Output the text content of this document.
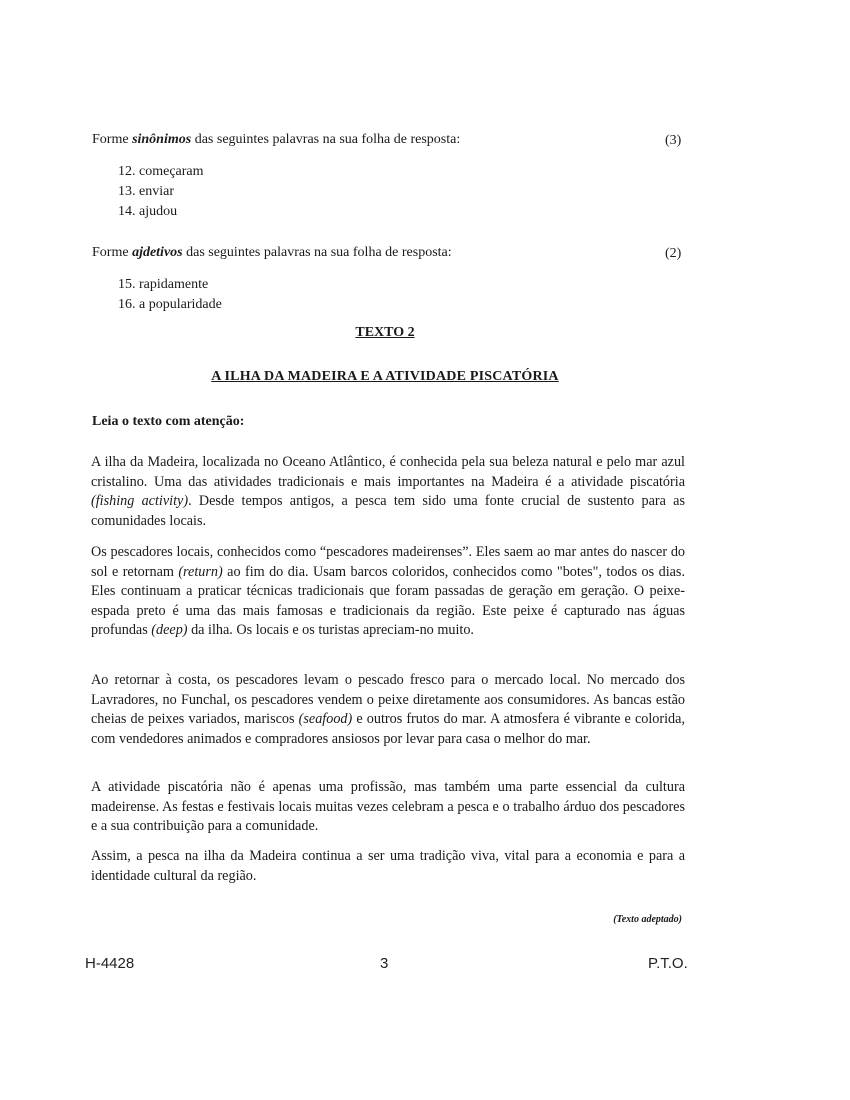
Forme sinônimos das seguintes palavras na sua folha de resposta:	(3)
12. começaram
13. enviar
14. ajudou
Forme ajdetivos das seguintes palavras na sua folha de resposta:	(2)
15. rapidamente
16. a popularidade
TEXTO 2
A ILHA DA MADEIRA E A ATIVIDADE PISCATÓRIA
Leia o texto com atenção:
A ilha da Madeira, localizada no Oceano Atlântico, é conhecida pela sua beleza natural e pelo mar azul cristalino. Uma das atividades tradicionais e mais importantes na Madeira é a atividade piscatória (fishing activity). Desde tempos antigos, a pesca tem sido uma fonte crucial de sustento para as comunidades locais.
Os pescadores locais, conhecidos como “pescadores madeirenses”. Eles saem ao mar antes do nascer do sol e retornam (return) ao fim do dia. Usam barcos coloridos, conhecidos como "botes", todos os dias. Eles continuam a praticar técnicas tradicionais que foram passadas de geração em geração. O peixe-espada preto é uma das mais famosas e tradicionais da região. Este peixe é capturado nas águas profundas (deep) da ilha. Os locais e os turistas apreciam-no muito.
Ao retornar à costa, os pescadores levam o pescado fresco para o mercado local. No mercado dos Lavradores, no Funchal, os pescadores vendem o peixe diretamente aos consumidores. As bancas estão cheias de peixes variados, mariscos (seafood) e outros frutos do mar. A atmosfera é vibrante e colorida, com vendedores animados e compradores ansiosos por levar para casa o melhor do mar.
A atividade piscatória não é apenas uma profissão, mas também uma parte essencial da cultura madeirense. As festas e festivais locais muitas vezes celebram a pesca e o trabalho árduo dos pescadores e a sua contribuição para a comunidade.
Assim, a pesca na ilha da Madeira continua a ser uma tradição viva, vital para a economia e para a identidade cultural da região.
(Texto adeptado)
H-4428	3	P.T.O.
